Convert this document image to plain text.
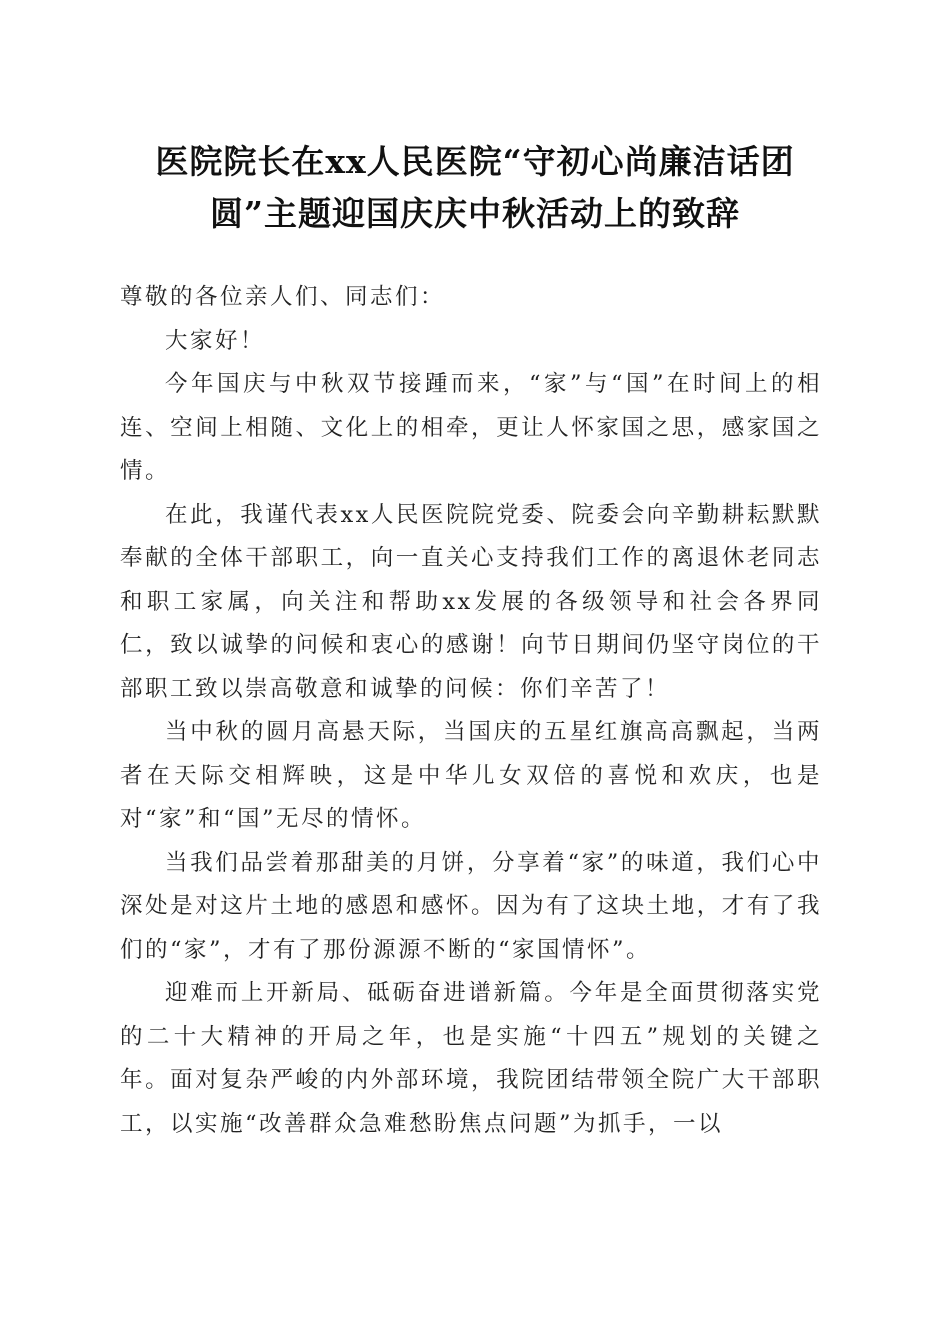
医院院长在xx人民医院“守初心尚廉洁话团圆”主题迎国庆庆中秋活动上的致辞

尊敬的各位亲人们、同志们：

大家好！

今年国庆与中秋双节接踵而来，“家”与“国”在时间上的相连、空间上相随、文化上的相牵，更让人怀家国之思，感家国之情。

在此，我谨代表xx人民医院院党委、院委会向辛勤耕耘默默奉献的全体干部职工，向一直关心支持我们工作的离退休老同志和职工家属，向关注和帮助xx发展的各级领导和社会各界同仁，致以诚挚的问候和衷心的感谢！向节日期间仍坚守岗位的干部职工致以崇高敬意和诚挚的问候：你们辛苦了！

当中秋的圆月高悬天际，当国庆的五星红旗高高飘起，当两者在天际交相辉映，这是中华儿女双倍的喜悦和欢庆，也是对“家”和“国”无尽的情怀。

当我们品尝着那甜美的月饼，分享着“家”的味道，我们心中深处是对这片土地的感恩和感怀。因为有了这块土地，才有了我们的“家”，才有了那份源源不断的“家国情怀”。

迎难而上开新局、砥砺奋进谱新篇。今年是全面贯彻落实党的二十大精神的开局之年，也是实施“十四五”规划的关键之年。面对复杂严峻的内外部环境，我院团结带领全院广大干部职工，以实施“改善群众急难愁盼焦点问题”为抓手，一以
